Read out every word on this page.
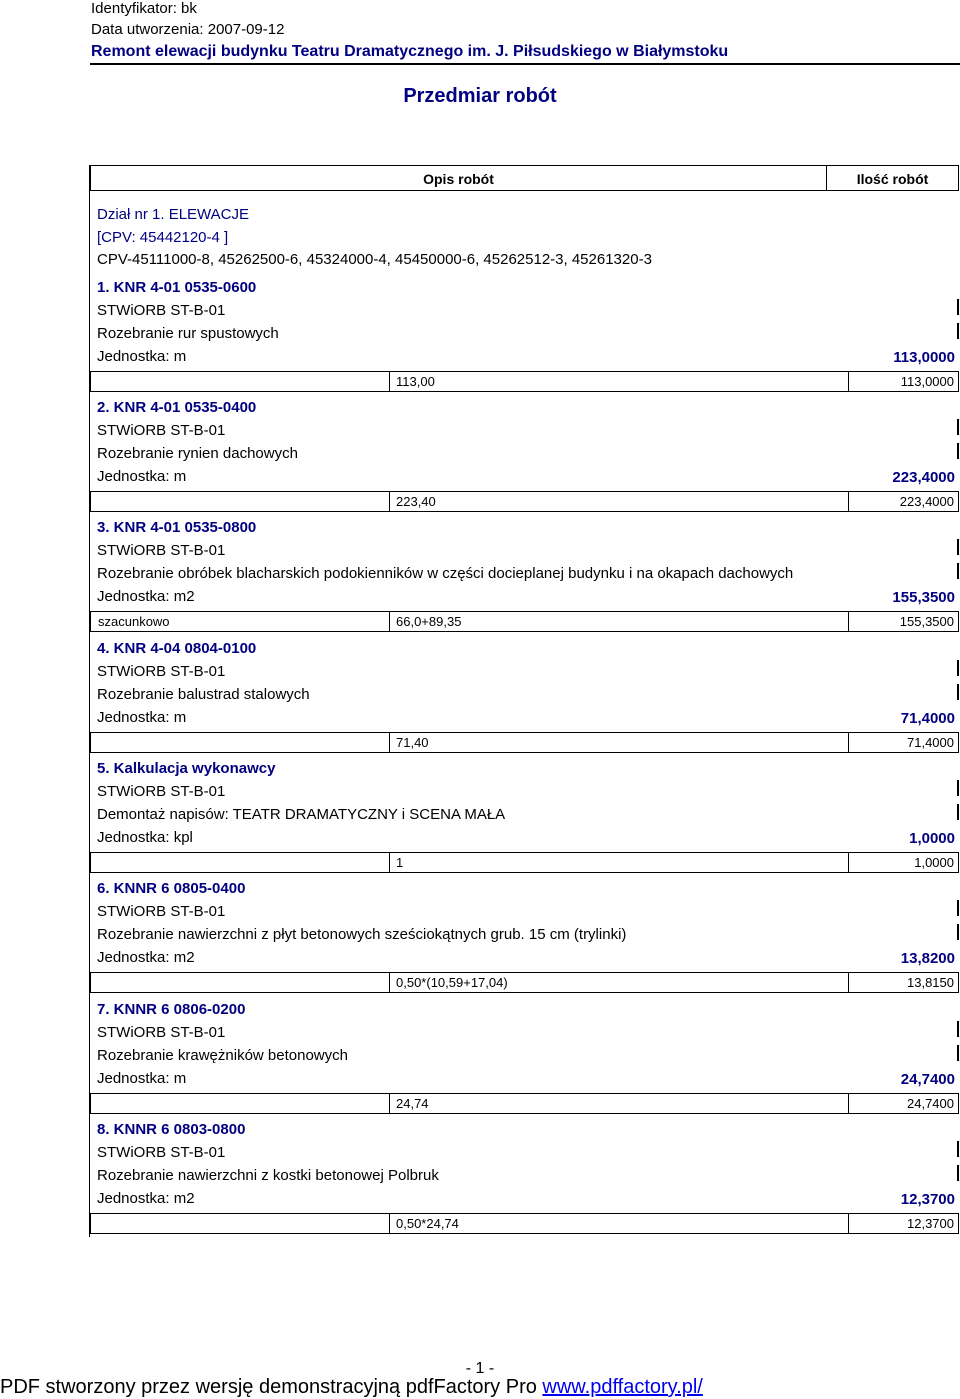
Identyfikator: bk
Data utworzenia: 2007-09-12
Remont elewacji budynku Teatru Dramatycznego im. J. Piłsudskiego w Białymstoku
Przedmiar robót
Opis robót	Ilość robót
Dział nr 1. ELEWACJE
[CPV: 45442120-4 ]
CPV-45111000-8, 45262500-6, 45324000-4, 45450000-6, 45262512-3, 45261320-3
1. KNR 4-01 0535-0600
STWiORB ST-B-01
Rozebranie rur spustowych
Jednostka: m	113,0000
113,00	113,0000
2. KNR 4-01 0535-0400
STWiORB ST-B-01
Rozebranie rynien dachowych
Jednostka: m	223,4000
223,40	223,4000
3. KNR 4-01 0535-0800
STWiORB ST-B-01
Rozebranie obróbek blacharskich podokienników w części docieplanej budynku i na okapach dachowych
Jednostka: m2	155,3500
szacunkowo	66,0+89,35	155,3500
4. KNR 4-04 0804-0100
STWiORB ST-B-01
Rozebranie balustrad stalowych
Jednostka: m	71,4000
71,40	71,4000
5. Kalkulacja wykonawcy
STWiORB ST-B-01
Demontaż napisów: TEATR DRAMATYCZNY i SCENA MAŁA
Jednostka: kpl	1,0000
1	1,0000
6. KNNR 6 0805-0400
STWiORB ST-B-01
Rozebranie nawierzchni z płyt betonowych sześciokątnych grub. 15 cm (trylinki)
Jednostka: m2	13,8200
0,50*(10,59+17,04)	13,8150
7. KNNR 6 0806-0200
STWiORB ST-B-01
Rozebranie krawężników betonowych
Jednostka: m	24,7400
24,74	24,7400
8. KNNR 6 0803-0800
STWiORB ST-B-01
Rozebranie nawierzchni z kostki betonowej Polbruk
Jednostka: m2	12,3700
0,50*24,74	12,3700
- 1 -
PDF stworzony przez wersję demonstracyjną pdfFactory Pro www.pdffactory.pl/
